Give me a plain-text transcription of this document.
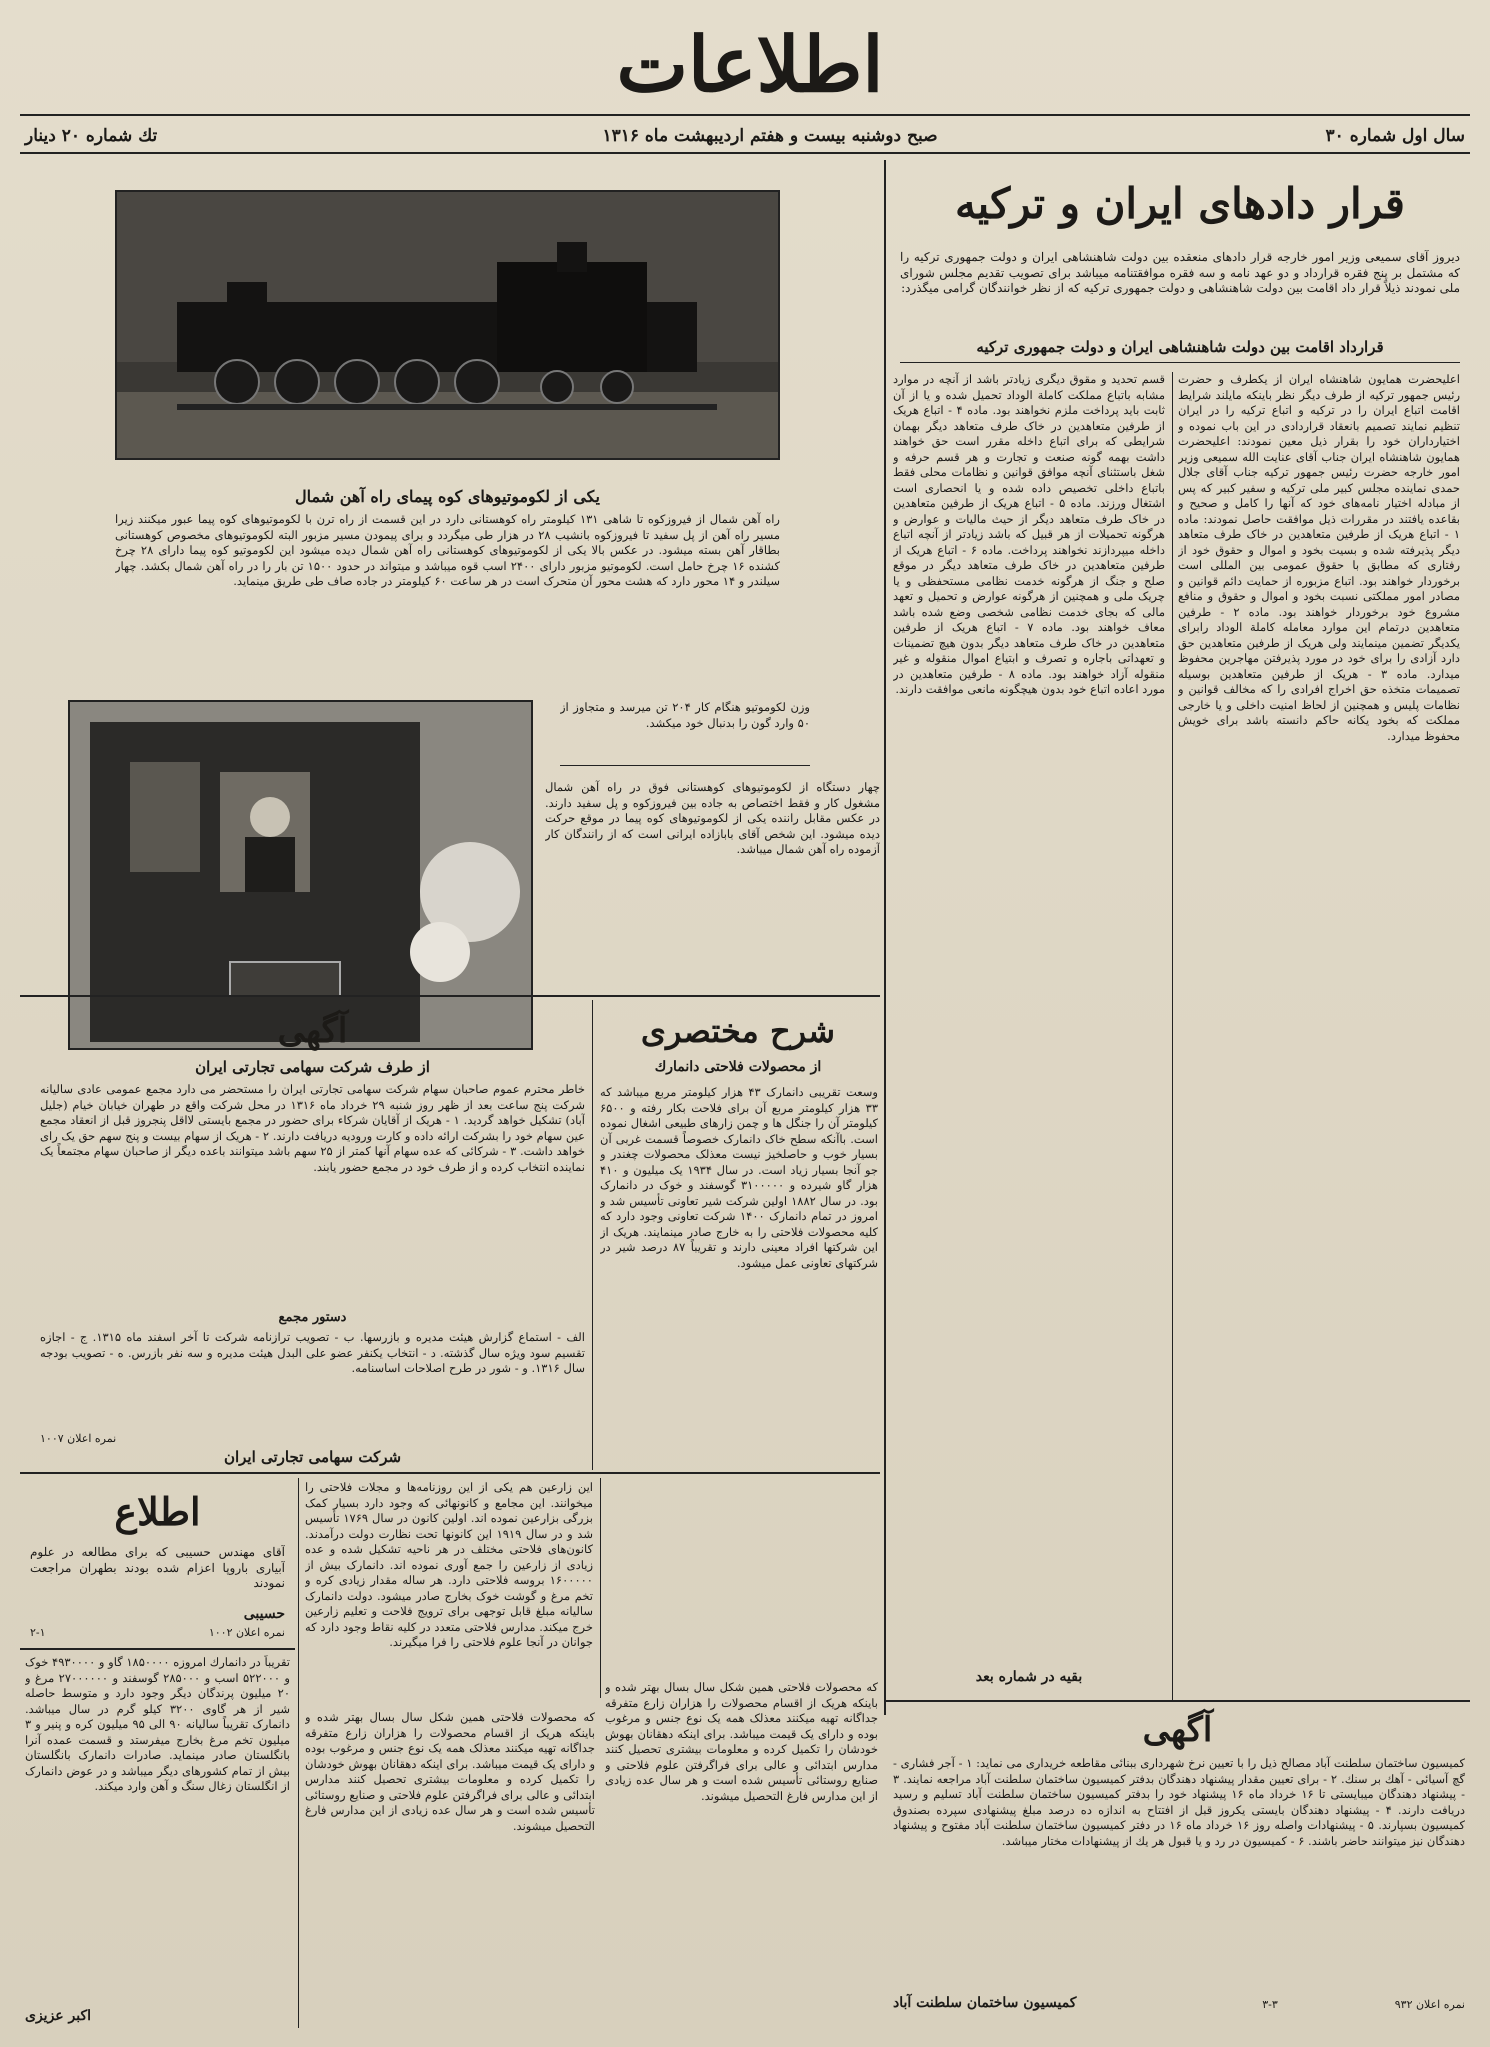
اطلاعات
سال اول شماره ۳۰
صبح دوشنبه بیست و هفتم اردیبهشت ماه ۱۳۱۶
تك شماره ۲۰ دینار
قرار دادهای ایران و ترکیه
دیروز آقای سمیعی وزیر امور خارجه قرار دادهای منعقده بین دولت شاهنشاهی ایران و دولت جمهوری ترکیه را که مشتمل بر پنج فقره قرارداد و دو عهد نامه و سه فقره موافقتنامه میباشد برای تصویب تقدیم مجلس شورای ملی نمودند ذیلاً قرار داد اقامت بین دولت شاهنشاهی و دولت جمهوری ترکیه که از نظر خوانندگان گرامی میگذرد:
قرارداد اقامت بین دولت شاهنشاهی ایران و دولت جمهوری ترکیه
اعلیحضرت همایون شاهنشاه ایران از یکطرف و حضرت رئیس جمهور ترکیه از طرف دیگر نظر باینکه مایلند شرایط اقامت اتباع ایران را در ترکیه و اتباع ترکیه را در ایران تنظیم نمایند تصمیم بانعقاد قراردادی در این باب نموده و اختیارداران خود را بقرار ذیل معین نمودند: اعلیحضرت همایون شاهنشاه ایران جناب آقای عنایت الله سمیعی وزیر امور خارجه حضرت رئیس جمهور ترکیه جناب آقای جلال حمدی نماینده مجلس کبیر ملی ترکیه و سفیر کبیر که پس از مبادله اختیار نامه‌های خود که آنها را کامل و صحیح و بقاعده یافتند در مقررات ذیل موافقت حاصل نمودند: ماده ۱ - اتباع هریک از طرفین متعاهدین در خاک طرف متعاهد دیگر پذیرفته شده و بسیت بخود و اموال و حقوق خود از رفتاری که مطابق با حقوق عمومی بین المللی است برخوردار خواهند بود. اتباع مزبوره از حمایت دائم قوانین و مصادر امور مملکتی نسبت بخود و اموال و حقوق و منافع مشروع خود برخوردار خواهند بود. ماده ۲ - طرفین متعاهدین درتمام این موارد معامله کاملة الوداد رابرای یکدیگر تضمین مینمایند ولی هریک از طرفین متعاهدین حق دارد آزادی را برای خود در مورد پذیرفتن مهاجرین محفوظ میدارد. ماده ۳ - هریک از طرفین متعاهدین بوسیله تصمیمات متخذه حق اخراج افرادی را که مخالف قوانین و نظامات پلیس و همچنین از لحاظ امنیت داخلی و یا خارجی مملکت که بخود یکانه حاکم دانسته باشد برای خویش محفوظ میدارد.
قسم تحدید و مقوق دیگری زیادتر باشد از آنچه در موارد مشابه باتباع مملکت کاملة الوداد تحمیل شده و یا از آن ثابت باید پرداخت ملزم نخواهند بود. ماده ۴ - اتباع هریک از طرفین متعاهدین در خاک طرف متعاهد دیگر بهمان شرایطی که برای اتباع داخله مقرر است حق خواهند داشت بهمه گونه صنعت و تجارت و هر قسم حرفه و شغل باستثنای آنچه موافق قوانین و نظامات محلی فقط باتباع داخلی تخصیص داده شده و یا انحصاری است اشتغال ورزند. ماده ۵ - اتباع هریک از طرفین متعاهدین در خاک طرف متعاهد دیگر از حیث مالیات و عوارض و هرگونه تحمیلات از هر قبیل که باشد زیادتر از آنچه اتباع داخله میپردازند نخواهند پرداخت. ماده ۶ - اتباع هریک از طرفین متعاهدین در خاک طرف متعاهد دیگر در موقع صلح و جنگ از هرگونه خدمت نظامی مستحفظی و یا چریک ملی و همچنین از هرگونه عوارض و تحمیل و تعهد مالی که بجای خدمت نظامی شخصی وضع شده باشد معاف خواهند بود. ماده ۷ - اتباع هریک از طرفین متعاهدین در خاک طرف متعاهد دیگر بدون هیچ تضمینات و تعهداتی باجاره و تصرف و ابتیاع اموال منقوله و غیر منقوله آزاد خواهند بود. ماده ۸ - طرفین متعاهدین در مورد اعاده اتباع خود بدون هیچگونه مانعی موافقت دارند.
بقیه در شماره بعد
یکی از لکوموتیوهای کوه پیمای راه آهن شمال
راه آهن شمال از فیروزکوه تا شاهی ۱۳۱ کیلومتر راه کوهستانی دارد در این قسمت از راه ترن با لکوموتیوهای کوه پیما عبور میکنند زیرا مسیر راه آهن از پل سفید تا فیروزکوه بانشیب ۲۸ در هزار طی میگردد و برای پیمودن مسیر مزبور البته لکوموتیوهای مخصوص کوهستانی بطاقار آهن بسته میشود. در عکس بالا یکی از لکوموتیوهای کوهستانی راه آهن شمال دیده میشود این لکوموتیو کوه پیما دارای ۲۸ چرخ کشنده ۱۶ چرخ حامل است. لکوموتیو مزبور دارای ۲۴۰۰ اسب قوه میباشد و میتواند در حدود ۱۵۰۰ تن بار را در راه آهن شمال بکشد. چهار سیلندر و ۱۴ محور دارد که هشت محور آن متحرک است در هر ساعت ۶۰ کیلومتر در جاده صاف طی طریق مینماید.
وزن لکوموتیو هنگام کار ۲۰۴ تن میرسد و متجاوز از ۵۰ وارد گون را بدنبال خود میکشد.
چهار دستگاه از لکوموتیوهای کوهستانی فوق در راه آهن شمال مشغول کار و فقط اختصاص به جاده بین فیروزکوه و پل سفید دارند. در عکس مقابل راننده یکی از لکوموتیوهای کوه پیما در موقع حرکت دیده میشود. این شخص آقای بابازاده ایرانی است که از رانندگان کار آزموده راه آهن شمال میباشد.
شرح مختصری
از محصولات فلاحتی دانمارك
وسعت تقریبی دانمارک ۴۳ هزار کیلومتر مربع میباشد که ۳۳ هزار کیلومتر مربع آن برای فلاحت بکار رفته و ۶۵۰۰ کیلومتر آن را جنگل ها و چمن زارهای طبیعی اشغال نموده است. باآنکه سطح خاک دانمارک خصوصاً قسمت غربی آن بسیار خوب و حاصلخیز نیست معذلک محصولات چغندر و جو آنجا بسیار زیاد است. در سال ۱۹۳۴ یک میلیون و ۴۱۰ هزار گاو شیرده و ۳۱۰۰۰۰۰ گوسفند و خوک در دانمارک بود. در سال ۱۸۸۲ اولین شرکت شیر تعاونی تأسیس شد و امروز در تمام دانمارک ۱۴۰۰ شرکت تعاونی وجود دارد که کلیه محصولات فلاحتی را به خارج صادر مینمایند. هریک از این شرکتها افراد معینی دارند و تقریباً ۸۷ درصد شیر در شرکتهای تعاونی عمل میشود.
آگهی
از طرف شرکت سهامی تجارتی ایران
خاطر محترم عموم صاحبان سهام شرکت سهامی تجارتی ایران را مستحضر می دارد مجمع عمومی عادی سالیانه شرکت پنج ساعت بعد از ظهر روز شنبه ۲۹ خرداد ماه ۱۳۱۶ در محل شرکت واقع در طهران خیابان خیام (جلیل آباد) تشکیل خواهد گردید. ۱ - هریک از آقایان شرکاء برای حضور در مجمع بایستی لااقل پنجروز قبل از انعقاد مجمع عین سهام خود را بشرکت ارائه داده و کارت ورودیه دریافت دارند. ۲ - هریک از سهام بیست و پنج سهم حق یک رای خواهد داشت. ۳ - شرکائی که عده سهام آنها کمتر از ۲۵ سهم باشد میتوانند باعده دیگر از صاحبان سهام مجتمعاً یک نماینده انتخاب کرده و از طرف خود در مجمع حضور یابند.
دستور مجمع
الف - استماع گزارش هیئت مدیره و بازرسها. ب - تصویب ترازنامه شرکت تا آخر اسفند ماه ۱۳۱۵. ج - اجازه تقسیم سود ویژه سال گذشته. د - انتخاب یکنفر عضو علی البدل هیئت مدیره و سه نفر بازرس. ه - تصویب بودجه سال ۱۳۱۶. و - شور در طرح اصلاحات اساسنامه.
نمره اعلان ۱۰۰۷
شرکت سهامی تجارتی ایران
اطلاع
آقای مهندس حسیبی که برای مطالعه در علوم آبیاری باروپا اعزام شده بودند بطهران مراجعت نمودند
حسیبی
نمره اعلان ۱۰۰۲
۲-۱
این زارعین هم یکی از این روزنامه‌ها و مجلات فلاحتی را میخوانند. این مجامع و کانونهائی که وجود دارد بسیار کمک بزرگی بزارعین نموده اند. اولین کانون در سال ۱۷۶۹ تأسیس شد و در سال ۱۹۱۹ این کانونها تحت نظارت دولت درآمدند. کانون‌های فلاحتی مختلف در هر ناحیه تشکیل شده و عده زیادی از زارعین را جمع آوری نموده اند. دانمارک بیش از ۱۶۰۰۰۰۰ بروسه فلاحتی دارد. هر ساله مقدار زیادی کره و تخم مرغ و گوشت خوک بخارج صادر میشود. دولت دانمارک سالیانه مبلغ قابل توجهی برای ترویج فلاحت و تعلیم زارعین خرج میکند. مدارس فلاحتی متعدد در کلیه نقاط وجود دارد که جوانان در آنجا علوم فلاحتی را فرا میگیرند.
که محصولات فلاحتی همین شکل سال بسال بهتر شده و باینکه هریک از اقسام محصولات را هزاران زارع متفرقه جداگانه تهیه میکنند معذلک همه یک نوع جنس و مرغوب بوده و دارای یک قیمت میباشد. برای اینکه دهقانان بهوش خودشان را تکمیل کرده و معلومات بیشتری تحصیل کنند مدارس ابتدائی و عالی برای فراگرفتن علوم فلاحتی و صنایع روستائی تأسیس شده است و هر سال عده زیادی از این مدارس فارغ التحصیل میشوند.
تقریباً در دانمارك امروزه ۱۸۵۰۰۰۰ گاو و ۴۹۳۰۰۰۰ خوک و ۵۲۲۰۰۰ اسب و ۲۸۵۰۰۰ گوسفند و ۲۷۰۰۰۰۰۰ مرغ و ۲۰ میلیون پرندگان دیگر وجود دارد و متوسط حاصله شیر از هر گاوی ۳۲۰۰ کیلو گرم در سال میباشد. دانمارک تقریباً سالیانه ۹۰ الی ۹۵ میلیون کره و پنیر و ۳ میلیون تخم مرغ بخارج میفرستد و قسمت عمده آنرا بانگلستان صادر مینماید. صادرات دانمارک بانگلستان بیش از تمام کشورهای دیگر میباشد و در عوض دانمارک از انگلستان زغال سنگ و آهن وارد میکند.
اکبر عزیزی
که محصولات فلاحتی همین شکل سال بسال بهتر شده و باینکه هریک از اقسام محصولات را هزاران زارع متفرقه جداگانه تهیه میکنند معذلک همه یک نوع جنس و مرغوب بوده و دارای یک قیمت میباشد. برای اینکه دهقانان بهوش خودشان را تکمیل کرده و معلومات بیشتری تحصیل کنند مدارس ابتدائی و عالی برای فراگرفتن علوم فلاحتی و صنایع روستائی تأسیس شده است و هر سال عده زیادی از این مدارس فارغ التحصیل میشوند.
آگهی
کمیسیون ساختمان سلطنت آباد مصالح ذیل را با تعیین نرخ شهرداری ببنائی مقاطعه خریداری می نماید: ۱ - آجر فشاری - گچ آسیائی - آهك بر سنك. ۲ - برای تعیین مقدار پیشنهاد دهندگان بدفتر کمیسیون ساختمان سلطنت آباد مراجعه نمایند. ۳ - پیشنهاد دهندگان میبایستی تا ۱۶ خرداد ماه ۱۶ پیشنهاد خود را بدفتر کمیسیون ساختمان سلطنت آباد تسلیم و رسید دریافت دارند. ۴ - پیشنهاد دهندگان بایستی یکروز قبل از افتتاح به اندازه ده درصد مبلغ پیشنهادی سپرده بصندوق کمیسیون بسپارند. ۵ - پیشنهادات واصله روز ۱۶ خرداد ماه ۱۶ در دفتر کمیسیون ساختمان سلطنت آباد مفتوح و پیشنهاد دهندگان نیز میتوانند حاضر باشند. ۶ - کمیسیون در رد و یا قبول هر یك از پیشنهادات مختار میباشد.
نمره اعلان ۹۳۲
۳-۳
کمیسیون ساختمان سلطنت آباد
